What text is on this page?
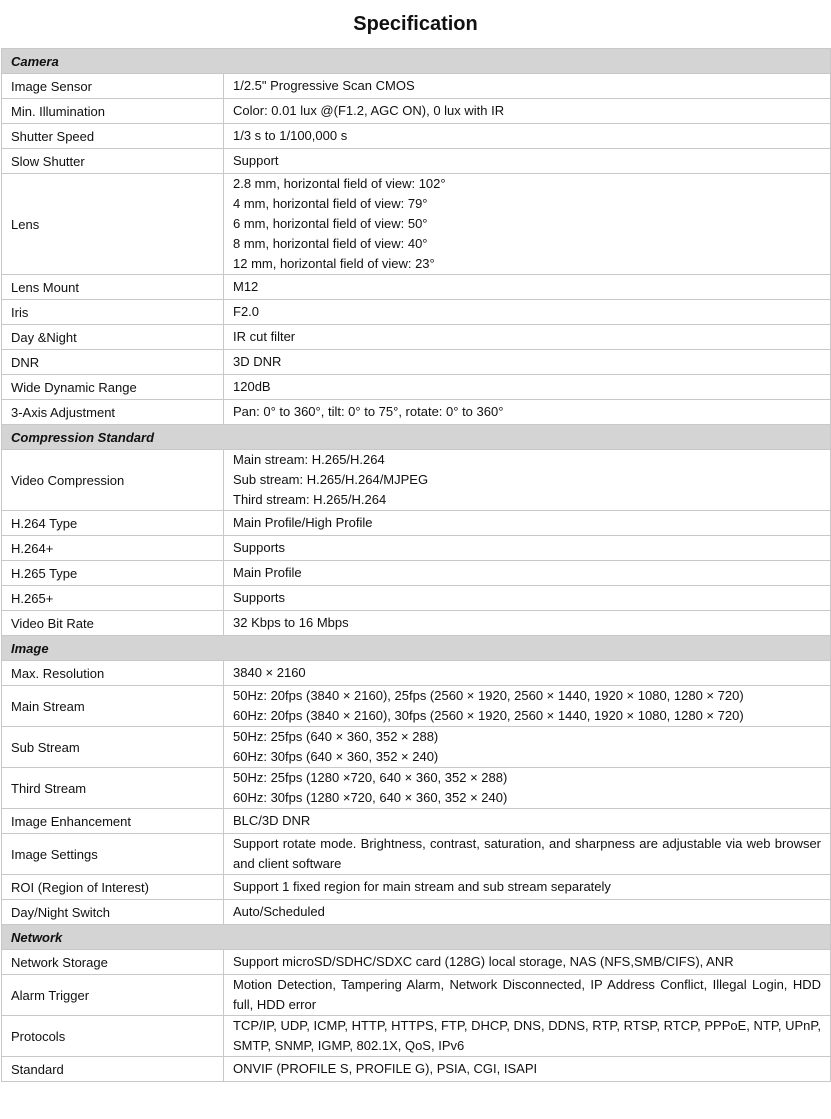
Specification
Camera	
Image Sensor	1/2.5" Progressive Scan CMOS

Min. Illumination	Color: 0.01 lux @(F1.2, AGC ON), 0 lux with IR

Shutter Speed	1/3 s to 1/100,000 s

Slow Shutter	Support

Lens	2.8 mm, horizontal field of view: 102°
4 mm, horizontal field of view: 79°
6 mm, horizontal field of view: 50°
8 mm, horizontal field of view: 40°
12 mm, horizontal field of view: 23°

Lens Mount	M12

Iris	F2.0

Day &Night	IR cut filter

DNR	3D DNR

Wide Dynamic Range	120dB

3-Axis Adjustment	Pan: 0° to 360°, tilt: 0° to 75°, rotate: 0° to 360°

Compression Standard	
Video Compression	Main stream: H.265/H.264
Sub stream: H.265/H.264/MJPEG
Third stream: H.265/H.264

H.264 Type	Main Profile/High Profile

H.264+	Supports

H.265 Type	Main Profile

H.265+	Supports

Video Bit Rate	32 Kbps to 16 Mbps

Image	
Max. Resolution	3840 × 2160

Main Stream	50Hz: 20fps (3840 × 2160), 25fps (2560 × 1920, 2560 × 1440, 1920 × 1080, 1280 × 720)
60Hz: 20fps (3840 × 2160), 30fps (2560 × 1920, 2560 × 1440, 1920 × 1080, 1280 × 720)

Sub Stream	50Hz: 25fps (640 × 360, 352 × 288)
60Hz: 30fps (640 × 360, 352 × 240)

Third Stream	50Hz: 25fps (1280 ×720, 640 × 360, 352 × 288)
60Hz: 30fps (1280 ×720, 640 × 360, 352 × 240)

Image Enhancement	BLC/3D DNR

Image Settings	Support rotate mode. Brightness, contrast, saturation, and sharpness are adjustable via web browser and client software

ROI (Region of Interest)	Support 1 fixed region for main stream and sub stream separately

Day/Night Switch	Auto/Scheduled

Network	
Network Storage	Support microSD/SDHC/SDXC card (128G) local storage, NAS (NFS,SMB/CIFS), ANR

Alarm Trigger	Motion Detection, Tampering Alarm, Network Disconnected, IP Address Conflict, Illegal Login, HDD full, HDD error

Protocols	TCP/IP, UDP, ICMP, HTTP, HTTPS, FTP, DHCP, DNS, DDNS, RTP, RTSP, RTCP, PPPoE, NTP, UPnP, SMTP, SNMP, IGMP, 802.1X, QoS, IPv6

Standard	ONVIF (PROFILE S, PROFILE G), PSIA, CGI, ISAPI
